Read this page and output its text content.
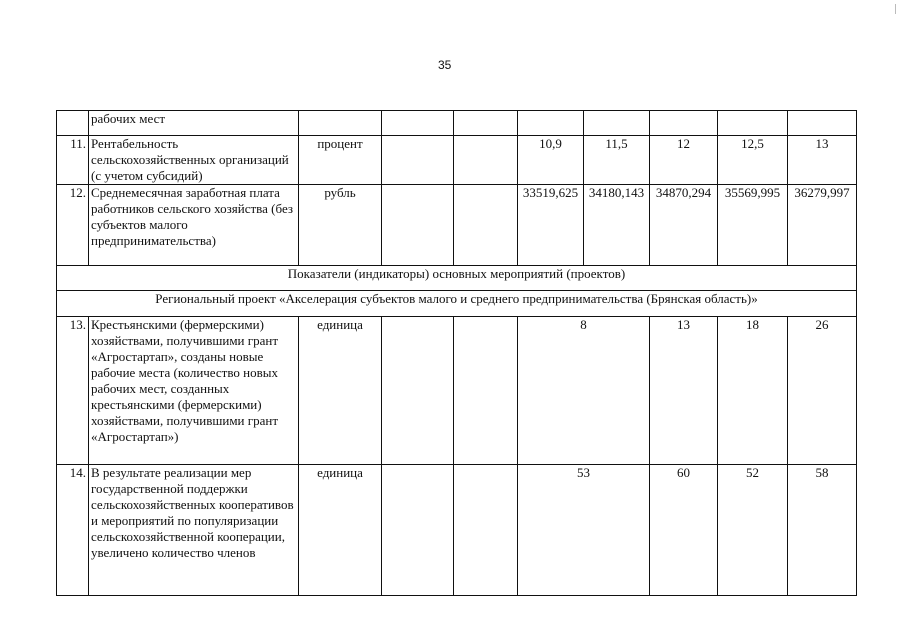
35
	рабочих мест								
11.	Рентабельность сельскохозяйственных организаций (с учетом субсидий)	процент			10,9	11,5	12	12,5	13
12.	Среднемесячная заработная плата работников сельского хозяйства (без субъектов малого предпринимательства)	рубль			33519,625	34180,143	34870,294	35569,995	36279,997
Показатели (индикаторы) основных мероприятий (проектов)									
Региональный проект «Акселерация субъектов малого и среднего предпринимательства (Брянская область)»									
13.	Крестьянскими (фермерскими) хозяйствами, получившими грант «Агростартап», созданы новые рабочие места (количество новых рабочих мест, созданных крестьянскими (фермерскими) хозяйствами, получившими грант «Агростартап»)	единица			8		13	18	26
14.	В результате реализации мер государственной поддержки сельскохозяйственных кооперативов и мероприятий по популяризации сельскохозяйственной кооперации, увеличено количество членов	единица			53		60	52	58
